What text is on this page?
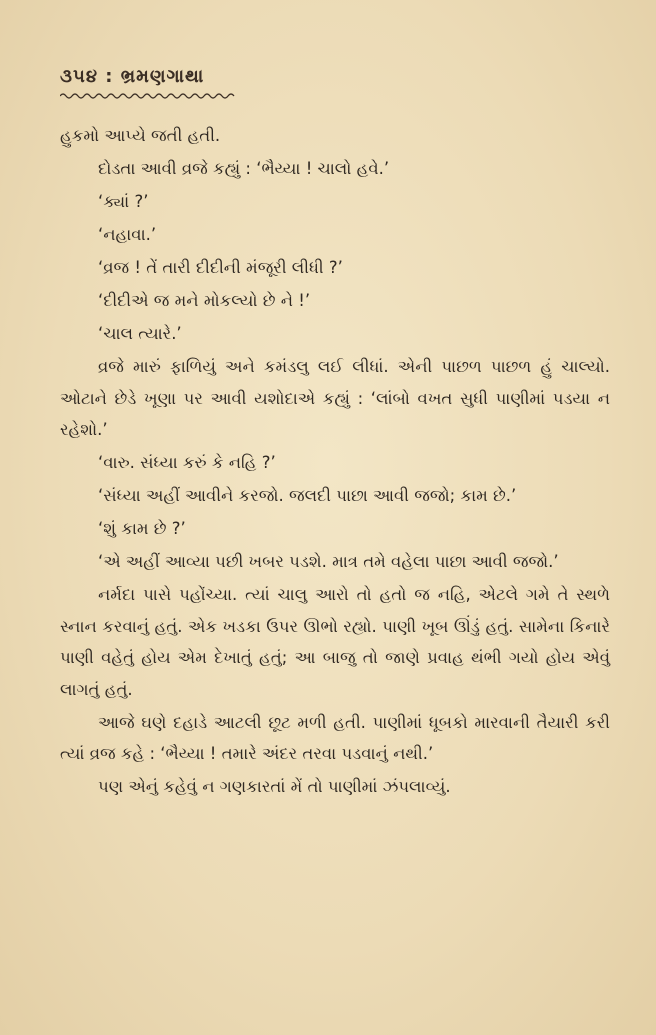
૩૫૪ : ભ્રમણગાથા

હુકમો આપ્યે જતી હતી.

દોડતા આવી વ્રજે કહ્યું : ‘ભૈય્યા ! ચાલો હવે.’

‘ક્યાં ?’

‘નહાવા.’

‘વ્રજ ! તેં તારી દીદીની મંજૂરી લીધી ?’

‘દીદીએ જ મને મોકલ્યો છે ને !’

‘ચાલ ત્યારે.’

વ્રજે મારું ફાળિયું અને કમંડલુ લઈ લીધાં. એની પાછળ પાછળ હું ચાલ્યો. ઓટાને છેડે ખૂણા પર આવી યશોદાએ કહ્યું : ‘લાંબો વખત સુધી પાણીમાં પડયા ન રહેશો.’

‘વારુ. સંધ્યા કરું કે નહિ ?’

‘સંધ્યા અહીં આવીને કરજો. જલદી પાછા આવી જજો; કામ છે.’

‘શું કામ છે ?’

‘એ અહીં આવ્યા પછી ખબર પડશે. માત્ર તમે વહેલા પાછા આવી જજો.’

નર્મદા પાસે પહોંચ્યા. ત્યાં ચાલુ આરો તો હતો જ નહિ, એટલે ગમે તે સ્થળે સ્નાન કરવાનું હતું. એક ખડકા ઉપર ઊભો રહ્યો. પાણી ખૂબ ઊંડું હતું. સામેના કિનારે પાણી વહેતું હોય એમ દેખાતું હતું; આ બાજુ તો જાણે પ્રવાહ થંભી ગયો હોય એવું લાગતું હતું.

આજે ઘણે દહાડે આટલી છૂટ મળી હતી. પાણીમાં ધૂબકો મારવાની તૈયારી કરી ત્યાં વ્રજ કહે : ‘ભૈય્યા ! તમારે અંદર તરવા પડવાનું નથી.’

પણ એનું કહેવું ન ગણકારતાં મેં તો પાણીમાં ઝંપલાવ્યું.
